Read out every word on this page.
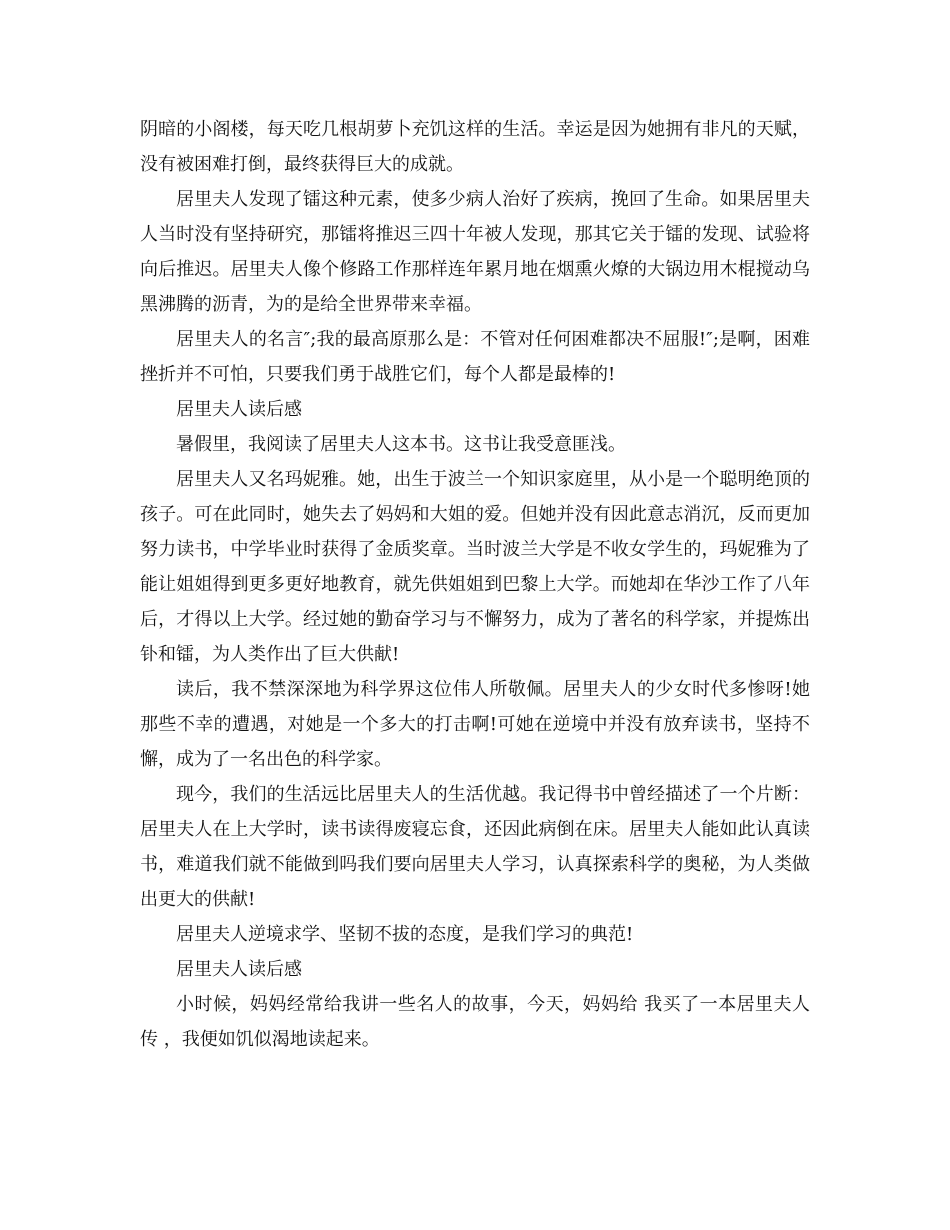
阴暗的小阁楼，每天吃几根胡萝卜充饥这样的生活。幸运是因为她拥有非凡的天赋，没有被困难打倒，最终获得巨大的成就。

居里夫人发现了镭这种元素，使多少病人治好了疾病，挽回了生命。如果居里夫人当时没有坚持研究，那镭将推迟三四十年被人发现，那其它关于镭的发现、试验将向后推迟。居里夫人像个修路工作那样连年累月地在烟熏火燎的大锅边用木棍搅动乌黑沸腾的沥青，为的是给全世界带来幸福。

居里夫人的名言″;我的最高原那么是：不管对任何困难都决不屈服!″;是啊，困难挫折并不可怕，只要我们勇于战胜它们，每个人都是最棒的!

居里夫人读后感

暑假里，我阅读了居里夫人这本书。这书让我受意匪浅。

居里夫人又名玛妮雅。她，出生于波兰一个知识家庭里，从小是一个聪明绝顶的孩子。可在此同时，她失去了妈妈和大姐的爱。但她并没有因此意志消沉，反而更加努力读书，中学毕业时获得了金质奖章。当时波兰大学是不收女学生的，玛妮雅为了能让姐姐得到更多更好地教育，就先供姐姐到巴黎上大学。而她却在华沙工作了八年后，才得以上大学。经过她的勤奋学习与不懈努力，成为了著名的科学家，并提炼出钋和镭，为人类作出了巨大供献!

读后，我不禁深深地为科学界这位伟人所敬佩。居里夫人的少女时代多惨呀!她那些不幸的遭遇，对她是一个多大的打击啊!可她在逆境中并没有放弃读书，坚持不懈，成为了一名出色的科学家。

现今，我们的生活远比居里夫人的生活优越。我记得书中曾经描述了一个片断：居里夫人在上大学时，读书读得废寝忘食，还因此病倒在床。居里夫人能如此认真读书，难道我们就不能做到吗我们要向居里夫人学习，认真探索科学的奥秘，为人类做出更大的供献!

居里夫人逆境求学、坚韧不拔的态度，是我们学习的典范!

居里夫人读后感

小时候，妈妈经常给我讲一些名人的故事，今天，妈妈给 我买了一本居里夫人传 ，我便如饥似渴地读起来。
